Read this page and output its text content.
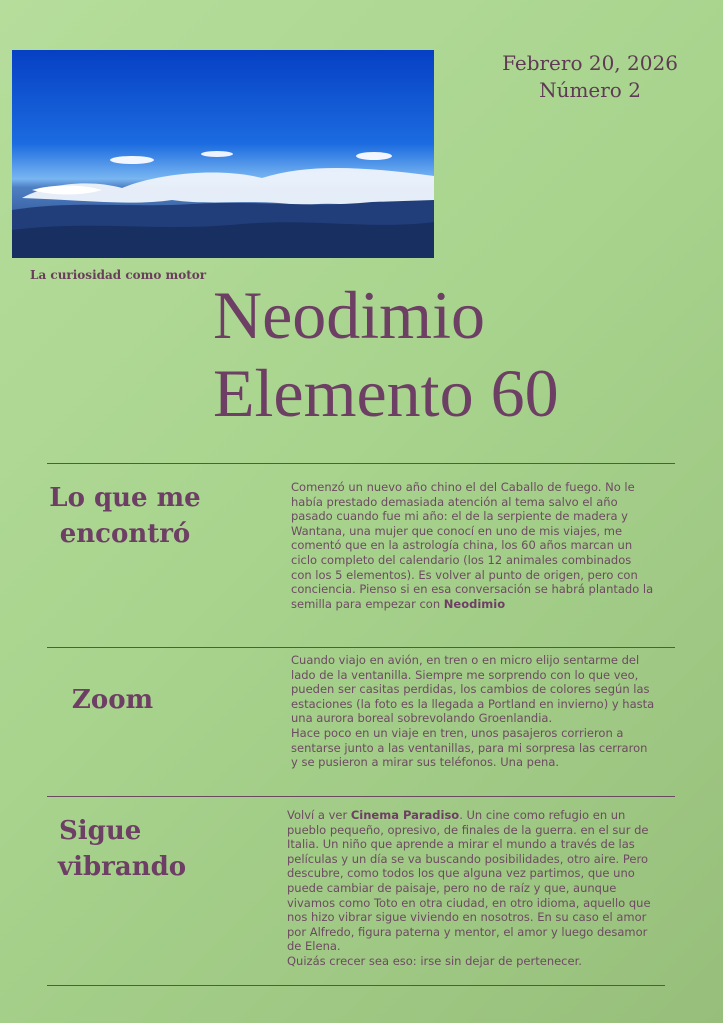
Febrero 20, 2026
Número 2
La curiosidad como motor
Neodimio
Elemento 60
Lo que me
encontró
Comenzó un nuevo año chino el del Caballo de fuego. No le había prestado demasiada atención al tema salvo el año pasado cuando fue mi año: el de la serpiente de madera y Wantana, una mujer que conocí en uno de mis viajes, me comentó que en la astrología china, los 60 años marcan un ciclo completo del calendario (los 12 animales combinados con los 5 elementos). Es volver al punto de origen, pero con conciencia. Pienso si en esa conversación se habrá plantado la semilla para empezar con Neodimio
Zoom
Cuando viajo en avión, en tren o en micro elijo sentarme del lado de la ventanilla. Siempre me sorprendo con lo que veo, pueden ser casitas perdidas, los cambios de colores según las estaciones (la foto es la llegada a Portland en invierno) y hasta una aurora boreal sobrevolando Groenlandia.
Hace poco en un viaje en tren, unos pasajeros corrieron a sentarse junto a las ventanillas, para mi sorpresa las cerraron y se pusieron a mirar sus teléfonos. Una pena.
Sigue
vibrando
Volví a ver Cinema Paradiso. Un cine como refugio en un pueblo pequeño, opresivo, de finales de la guerra. en el sur de Italia. Un niño que aprende a mirar el mundo a través de las películas y un día se va buscando posibilidades, otro aire. Pero descubre, como todos los que alguna vez partimos, que uno puede cambiar de paisaje, pero no de raíz y que, aunque vivamos como Toto en otra ciudad, en otro idioma, aquello que nos hizo vibrar sigue viviendo en nosotros. En su caso el amor por Alfredo, figura paterna y mentor, el amor y luego desamor de Elena.
Quizás crecer sea eso: irse sin dejar de pertenecer.
